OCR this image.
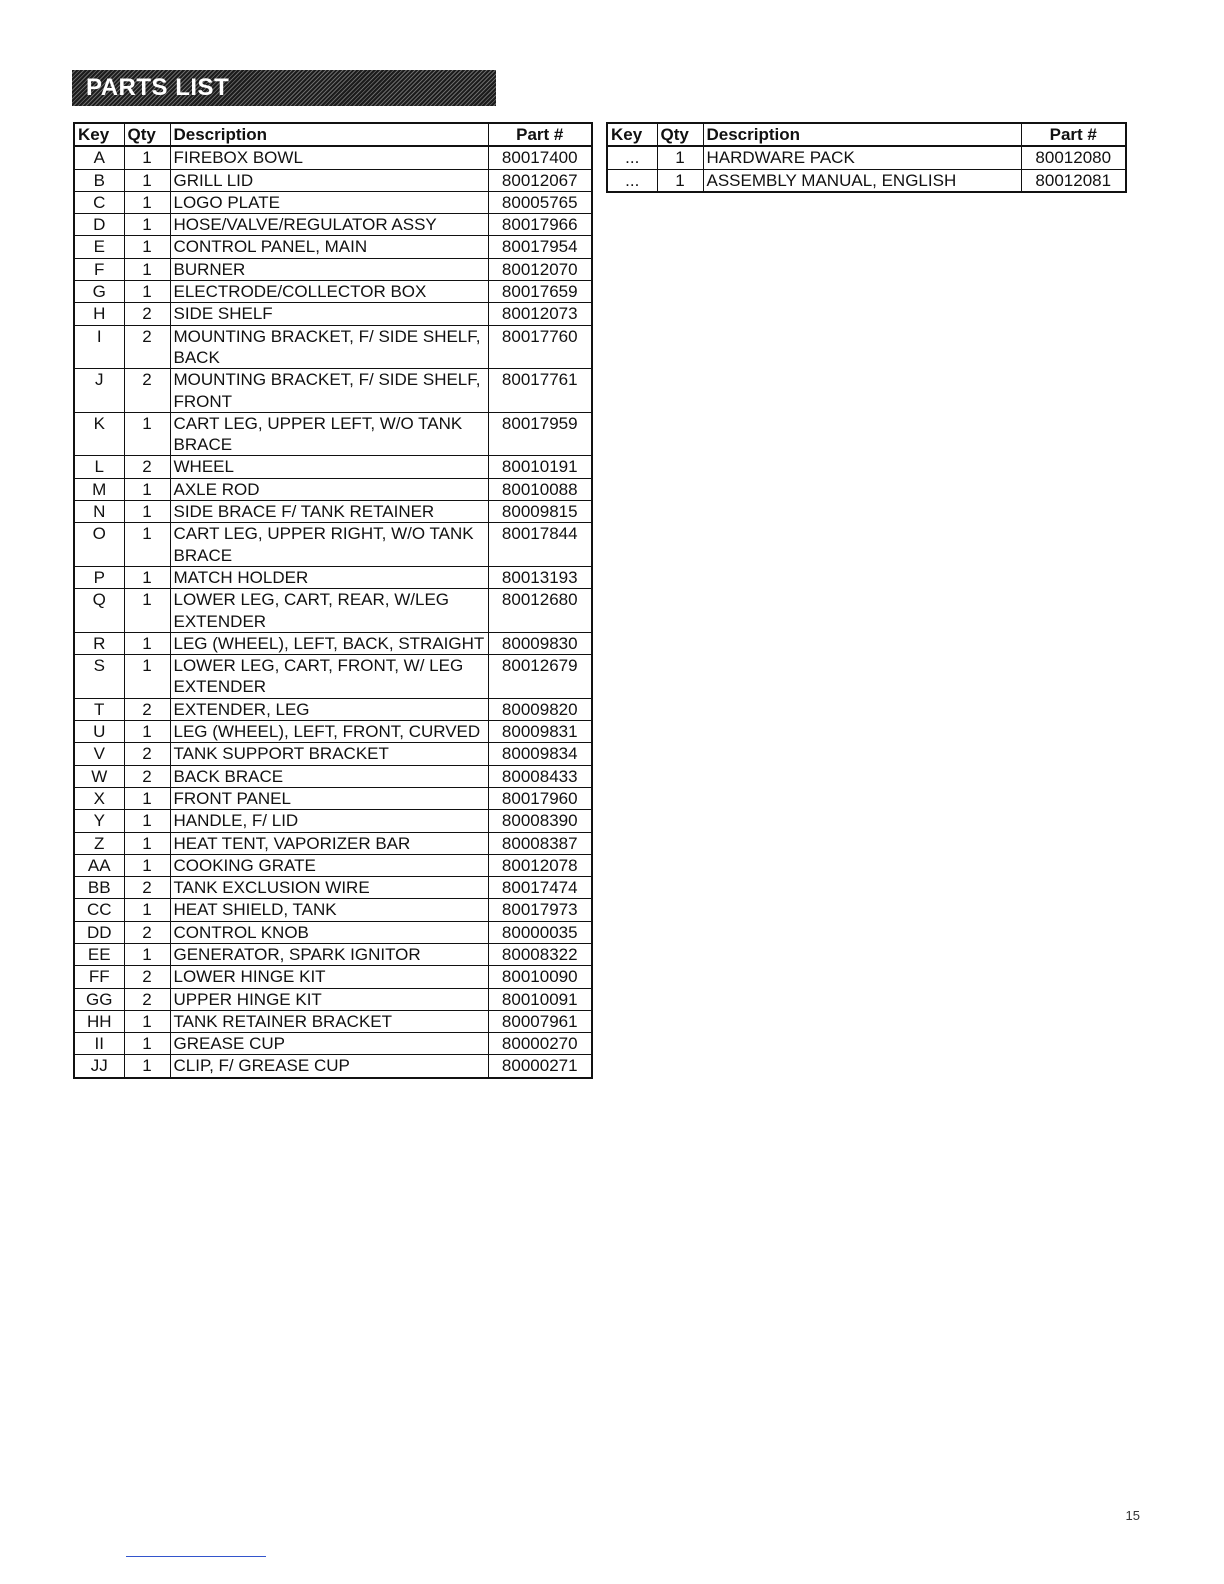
PARTS LIST
Key	Qty	Description	Part #
A	1	FIREBOX BOWL	80017400
B	1	GRILL LID	80012067
C	1	LOGO PLATE	80005765
D	1	HOSE/VALVE/REGULATOR ASSY	80017966
E	1	CONTROL PANEL, MAIN	80017954
F	1	BURNER	80012070
G	1	ELECTRODE/COLLECTOR BOX	80017659
H	2	SIDE SHELF	80012073
I	2	MOUNTING BRACKET, F/ SIDE SHELF, BACK	80017760
J	2	MOUNTING BRACKET, F/ SIDE SHELF, FRONT	80017761
K	1	CART LEG, UPPER LEFT, W/O TANK BRACE	80017959
L	2	WHEEL	80010191
M	1	AXLE ROD	80010088
N	1	SIDE BRACE F/ TANK RETAINER	80009815
O	1	CART LEG, UPPER RIGHT, W/O TANK BRACE	80017844
P	1	MATCH HOLDER	80013193
Q	1	LOWER LEG, CART, REAR, W/LEG EXTENDER	80012680
R	1	LEG (WHEEL), LEFT, BACK, STRAIGHT	80009830
S	1	LOWER LEG, CART, FRONT, W/ LEG EXTENDER	80012679
T	2	EXTENDER, LEG	80009820
U	1	LEG (WHEEL), LEFT, FRONT, CURVED	80009831
V	2	TANK SUPPORT BRACKET	80009834
W	2	BACK BRACE	80008433
X	1	FRONT PANEL	80017960
Y	1	HANDLE, F/ LID	80008390
Z	1	HEAT TENT, VAPORIZER BAR	80008387
AA	1	COOKING GRATE	80012078
BB	2	TANK EXCLUSION WIRE	80017474
CC	1	HEAT SHIELD, TANK	80017973
DD	2	CONTROL KNOB	80000035
EE	1	GENERATOR, SPARK IGNITOR	80008322
FF	2	LOWER HINGE KIT	80010090
GG	2	UPPER HINGE KIT	80010091
HH	1	TANK RETAINER BRACKET	80007961
II	1	GREASE CUP	80000270
JJ	1	CLIP, F/ GREASE CUP	80000271
Key	Qty	Description	Part #
...	1	HARDWARE PACK	80012080
...	1	ASSEMBLY MANUAL, ENGLISH	80012081
15
